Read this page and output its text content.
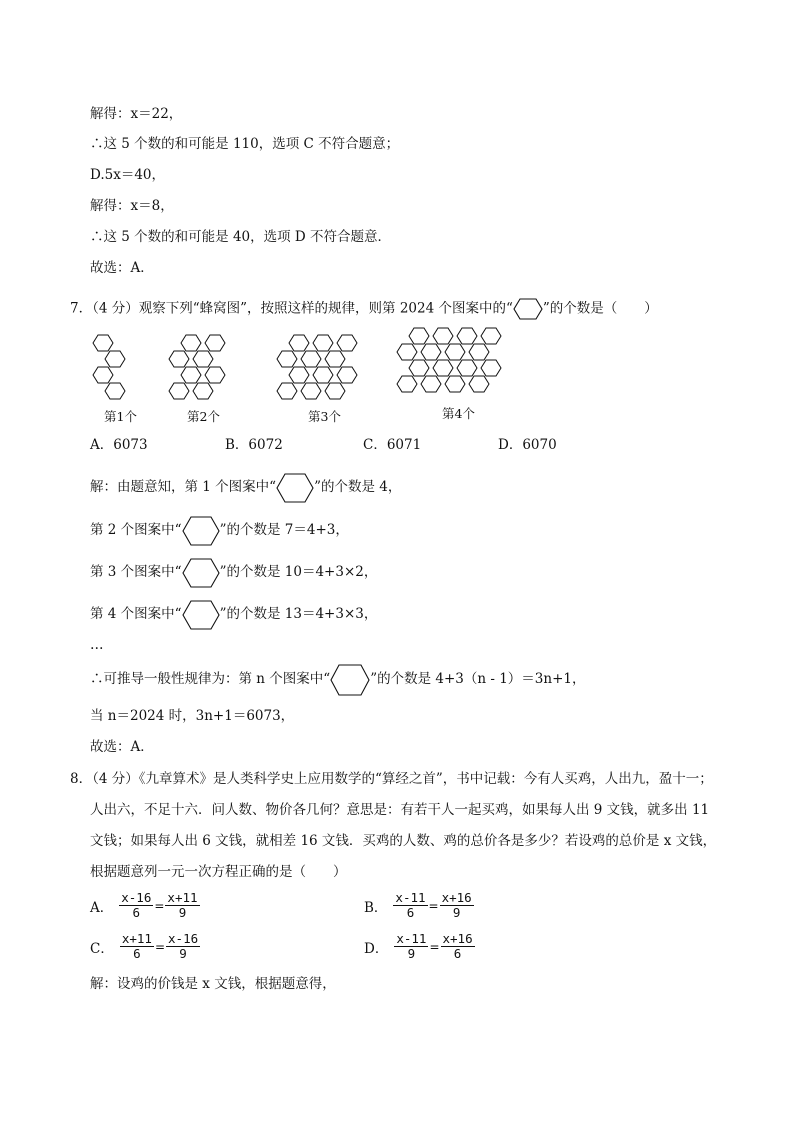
解得：x＝22，
∴这 5 个数的和可能是 110，选项 C 不符合题意；
D.5x＝40，
解得：x＝8，
∴这 5 个数的和可能是 40，选项 D 不符合题意．
故选：A．
7．（4 分）观察下列“蜂窝图”，按照这样的规律，则第 2024 个图案中的“ ”的个数是（　　）
第1个	第2个	第3个	第4个
A．6073	B．6072	C．6071	D．6070
解：由题意知，第 1 个图案中“	”的个数是 4，
第 2 个图案中“	”的个数是 7＝4+3，
第 3 个图案中“	”的个数是 10＝4+3×2，
第 4 个图案中“	”的个数是 13＝4+3×3，
…
∴可推导一般性规律为：第 n 个图案中“	”的个数是 4+3（n - 1）＝3n+1，
当 n＝2024 时，3n+1＝6073，
故选：A．
8．（4 分）《九章算术》是人类科学史上应用数学的“算经之首”，书中记载：今有人买鸡，人出九，盈十一；
人出六，不足十六．问人数、物价各几何？意思是：有若干人一起买鸡，如果每人出 9 文钱，就多出 11
文钱；如果每人出 6 文钱，就相差 16 文钱．买鸡的人数、鸡的总价各是多少？若设鸡的总价是 x 文钱，
根据题意列一元一次方程正确的是（　　）
A． $\frac{x-16}{6} = \frac{x+11}{9}$	B． $\frac{x-11}{6} = \frac{x+16}{9}$
C． $\frac{x+11}{6} = \frac{x-16}{9}$	D． $\frac{x-11}{9} = \frac{x+16}{6}$
解：设鸡的价钱是 x 文钱，根据题意得，
